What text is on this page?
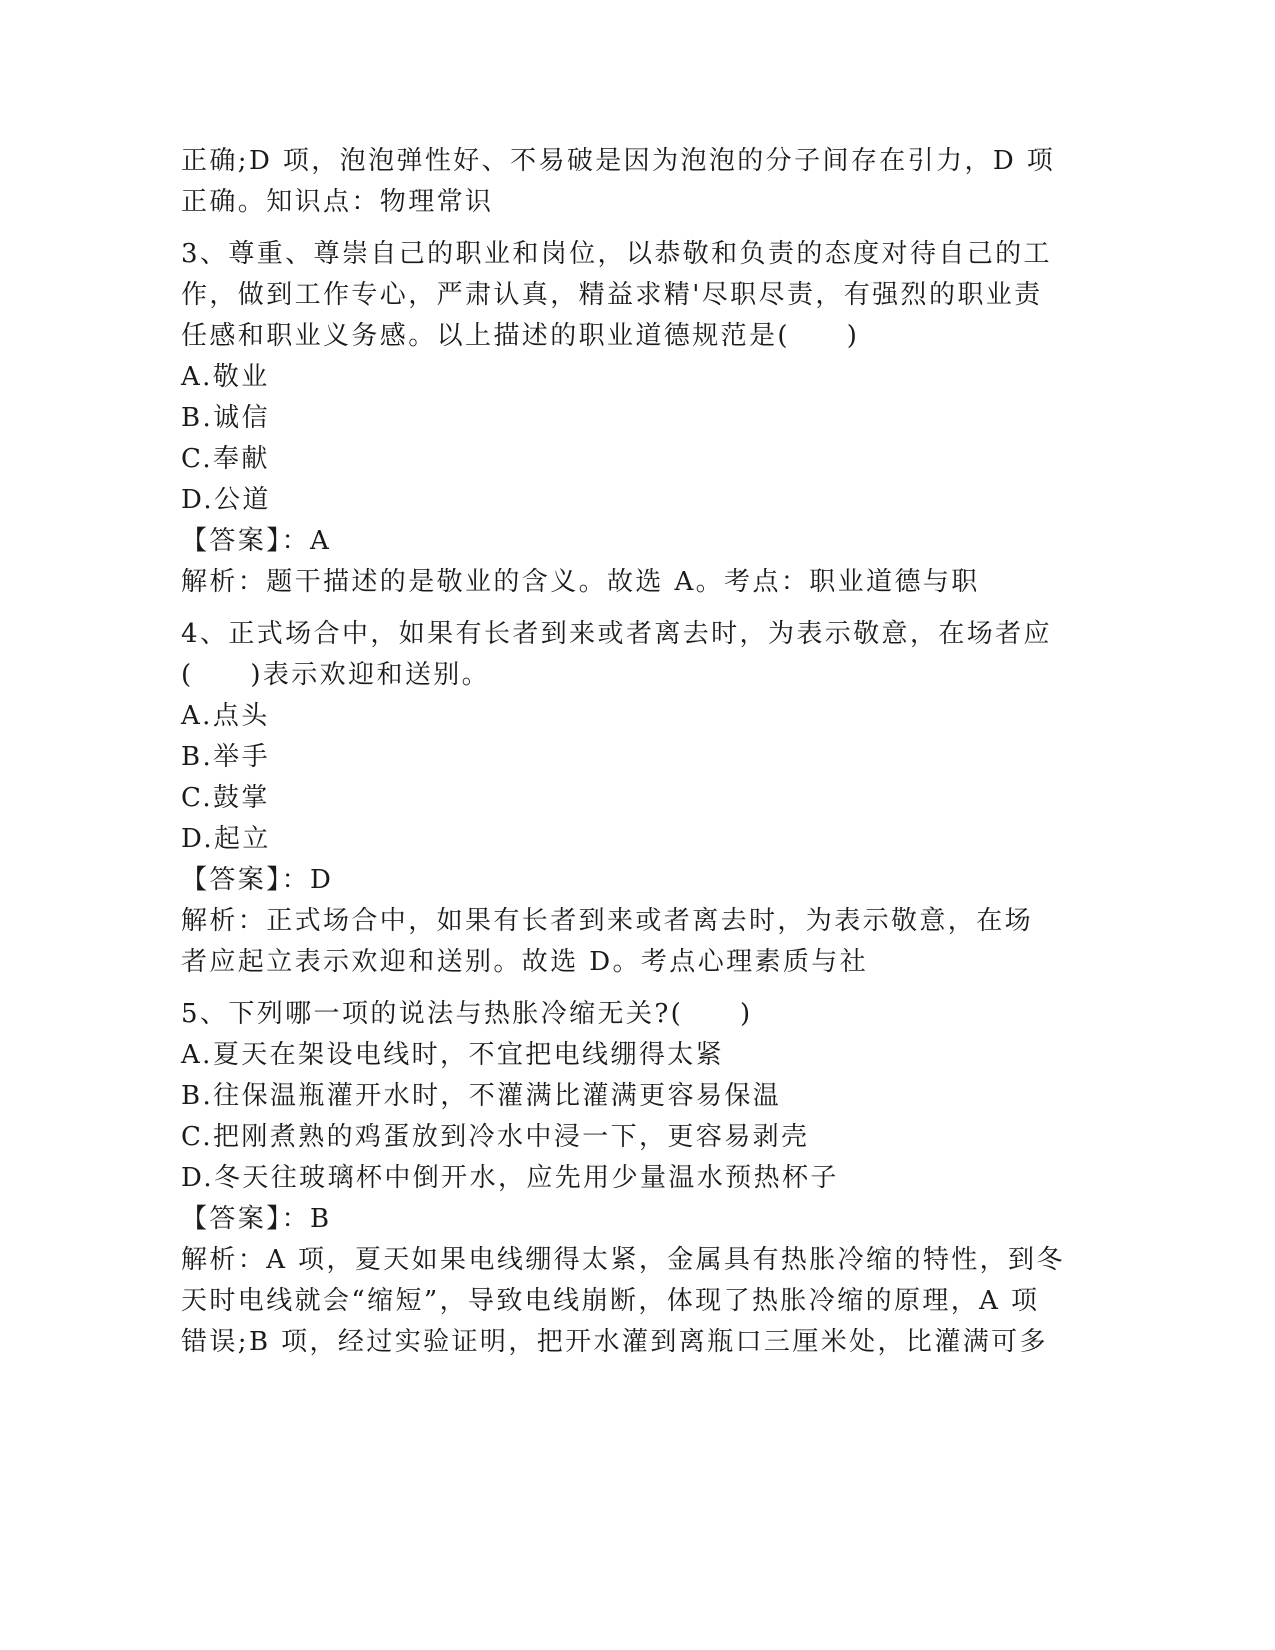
正确;D 项，泡泡弹性好、不易破是因为泡泡的分子间存在引力，D 项
正确。知识点：物理常识
3、尊重、尊崇自己的职业和岗位，以恭敬和负责的态度对待自己的工
作，做到工作专心，严肃认真，精益求精'尽职尽责，有强烈的职业责
任感和职业义务感。以上描述的职业道德规范是(　　)
A.敬业
B.诚信
C.奉献
D.公道
【答案】：A
解析：题干描述的是敬业的含义。故选 A。考点：职业道德与职
4、正式场合中，如果有长者到来或者离去时，为表示敬意，在场者应
(　　)表示欢迎和送别。
A.点头
B.举手
C.鼓掌
D.起立
【答案】：D
解析：正式场合中，如果有长者到来或者离去时，为表示敬意，在场
者应起立表示欢迎和送别。故选 D。考点心理素质与社
5、下列哪一项的说法与热胀冷缩无关?(　　)
A.夏天在架设电线时，不宜把电线绷得太紧
B.往保温瓶灌开水时，不灌满比灌满更容易保温
C.把刚煮熟的鸡蛋放到冷水中浸一下，更容易剥壳
D.冬天往玻璃杯中倒开水，应先用少量温水预热杯子
【答案】：B
解析：A 项，夏天如果电线绷得太紧，金属具有热胀冷缩的特性，到冬
天时电线就会“缩短”，导致电线崩断，体现了热胀冷缩的原理，A 项
错误;B 项，经过实验证明，把开水灌到离瓶口三厘米处，比灌满可多
